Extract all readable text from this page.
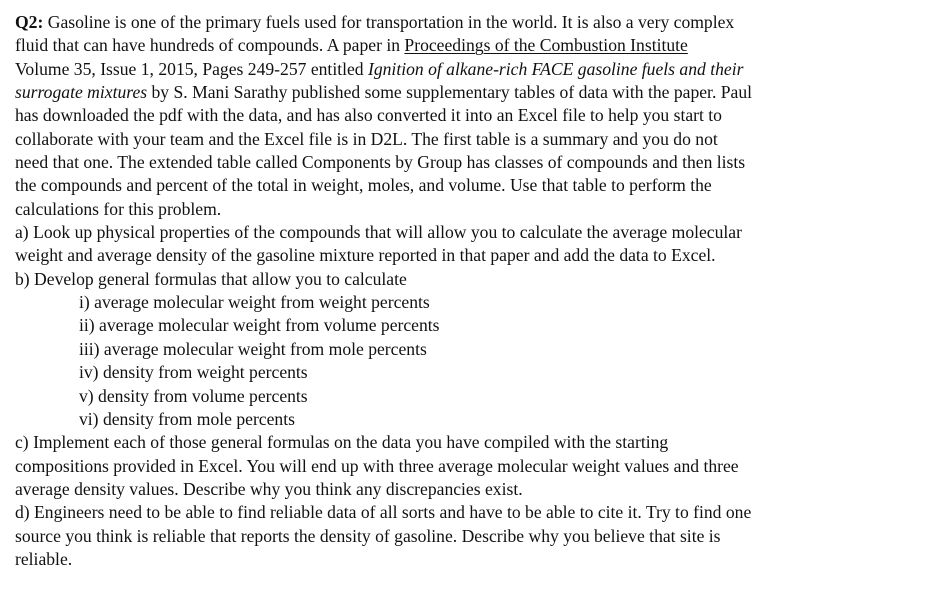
Q2: Gasoline is one of the primary fuels used for transportation in the world. It is also a very complex
fluid that can have hundreds of compounds. A paper in Proceedings of the Combustion Institute
Volume 35, Issue 1, 2015, Pages 249-257 entitled Ignition of alkane-rich FACE gasoline fuels and their
surrogate mixtures by S. Mani Sarathy published some supplementary tables of data with the paper. Paul
has downloaded the pdf with the data, and has also converted it into an Excel file to help you start to
collaborate with your team and the Excel file is in D2L. The first table is a summary and you do not
need that one. The extended table called Components by Group has classes of compounds and then lists
the compounds and percent of the total in weight, moles, and volume. Use that table to perform the
calculations for this problem.
a) Look up physical properties of the compounds that will allow you to calculate the average molecular
weight and average density of the gasoline mixture reported in that paper and add the data to Excel.
b) Develop general formulas that allow you to calculate
i) average molecular weight from weight percents
ii) average molecular weight from volume percents
iii) average molecular weight from mole percents
iv) density from weight percents
v) density from volume percents
vi) density from mole percents
c) Implement each of those general formulas on the data you have compiled with the starting
compositions provided in Excel. You will end up with three average molecular weight values and three
average density values. Describe why you think any discrepancies exist.
d) Engineers need to be able to find reliable data of all sorts and have to be able to cite it. Try to find one
source you think is reliable that reports the density of gasoline. Describe why you believe that site is
reliable.
